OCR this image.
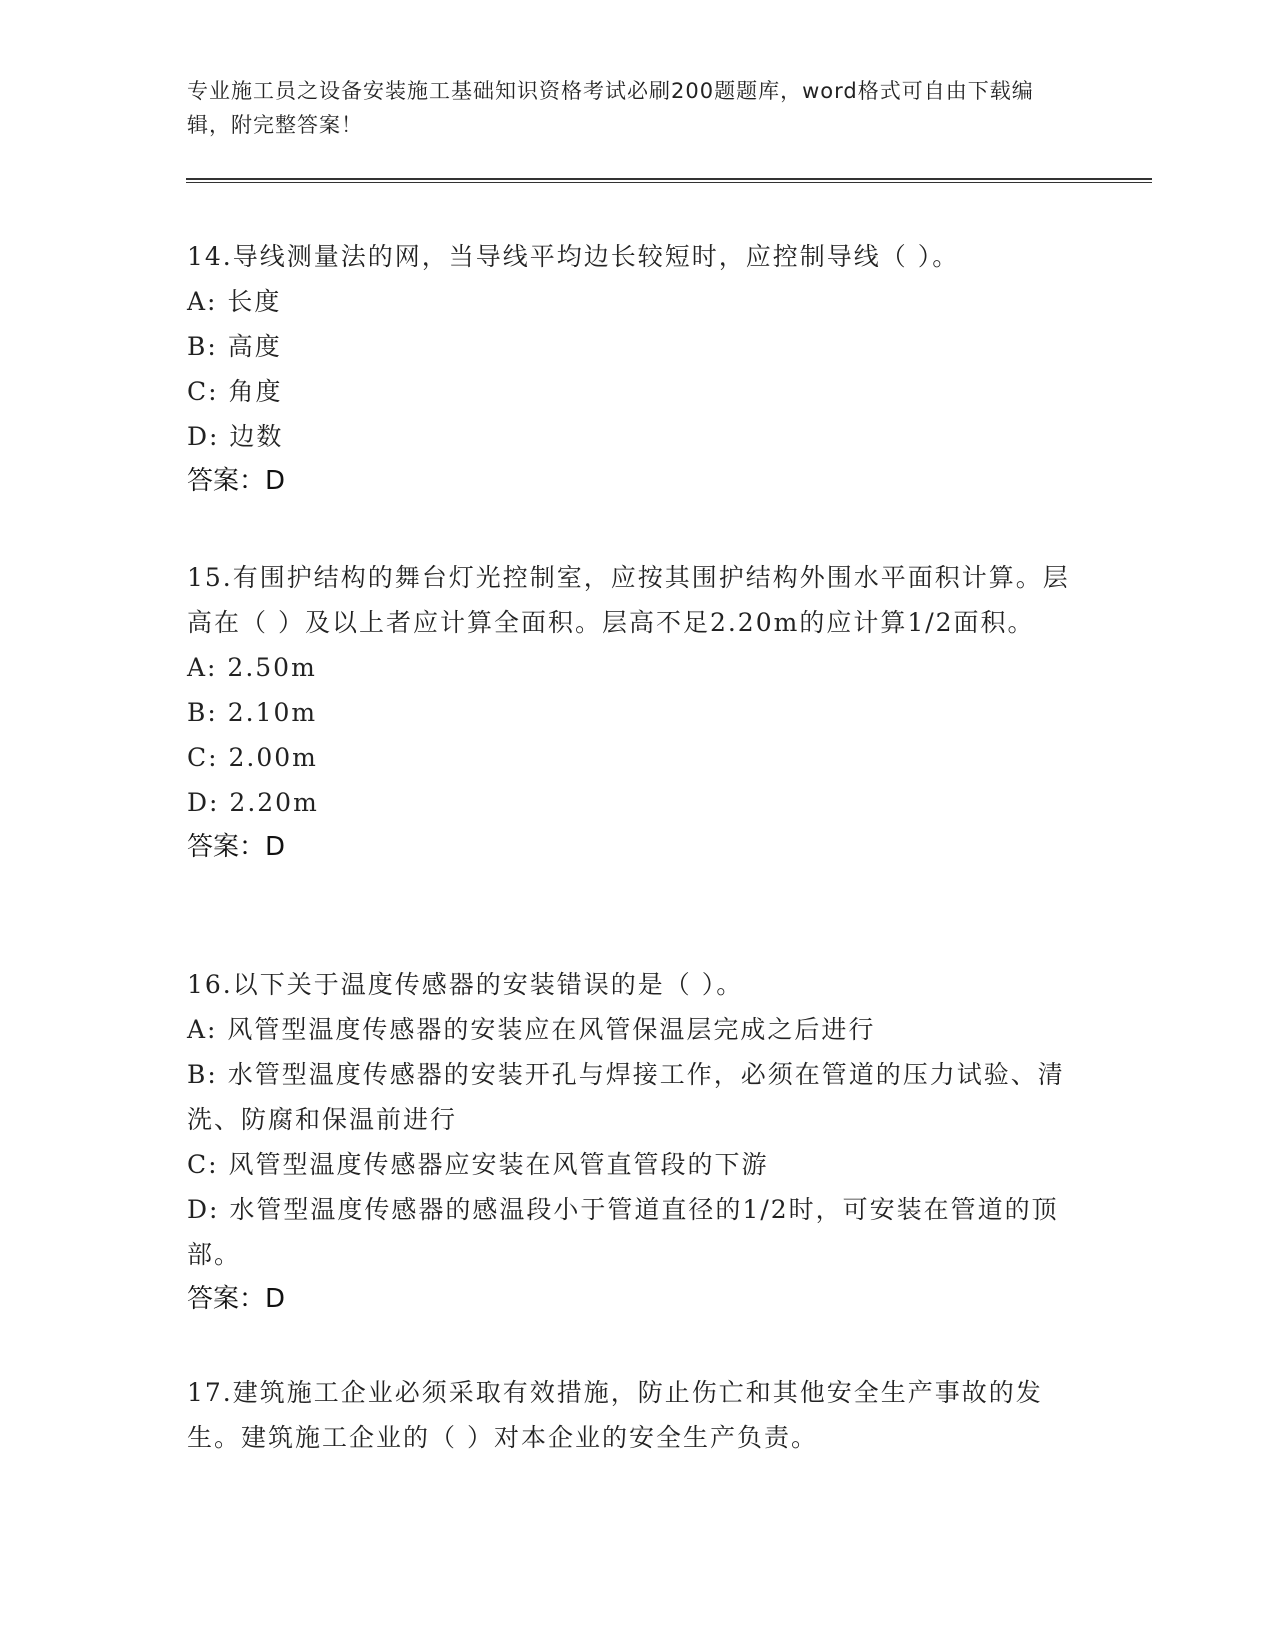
专业施工员之设备安装施工基础知识资格考试必刷200题题库，word格式可自由下载编辑，附完整答案！

14.导线测量法的网，当导线平均边长较短时，应控制导线（ ）。

A: 长度

B: 高度

C: 角度

D: 边数

答案：D

15.有围护结构的舞台灯光控制室，应按其围护结构外围水平面积计算。层高在（ ）及以上者应计算全面积。层高不足2.20m的应计算1/2面积。

A: 2.50m

B: 2.10m

C: 2.00m

D: 2.20m

答案：D

16.以下关于温度传感器的安装错误的是（ ）。

A: 风管型温度传感器的安装应在风管保温层完成之后进行

B: 水管型温度传感器的安装开孔与焊接工作，必须在管道的压力试验、清洗、防腐和保温前进行

C: 风管型温度传感器应安装在风管直管段的下游

D: 水管型温度传感器的感温段小于管道直径的1/2时，可安装在管道的顶部。

答案：D

17.建筑施工企业必须采取有效措施，防止伤亡和其他安全生产事故的发生。建筑施工企业的（ ）对本企业的安全生产负责。
